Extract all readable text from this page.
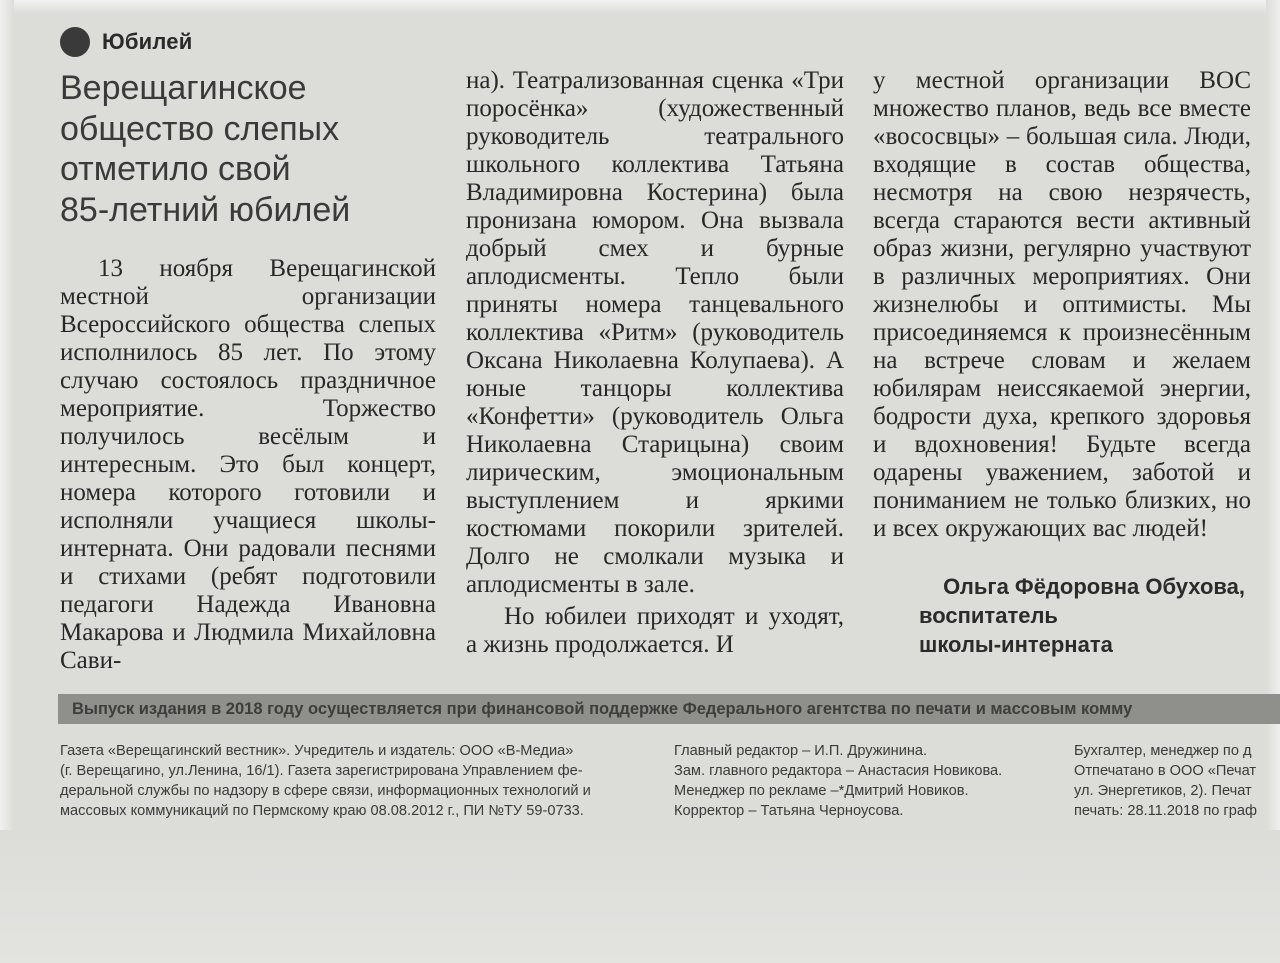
Юбилей
Верещагинское
общество слепых
отметило свой
85-летний юбилей

13 ноября Верещагинской местной организации Всероссийского общества слепых исполнилось 85 лет. По этому случаю состоялось праздничное мероприятие. Торжество получилось весёлым и интересным. Это был концерт, номера которого готовили и исполняли учащиеся школы-интерната. Они радовали песнями и стихами (ребят подготовили педагоги Надежда Ивановна Макарова и Людмила Михайловна Сави-

на). Театрализованная сценка «Три поросёнка» (художественный руководитель театрального школьного коллектива Татьяна Владимировна Костерина) была пронизана юмором. Она вызвала добрый смех и бурные аплодисменты. Тепло были приняты номера танцевального коллектива «Ритм» (руководитель Оксана Николаевна Колупаева). А юные танцоры коллектива «Конфетти» (руководитель Ольга Николаевна Старицына) своим лирическим, эмоциональным выступлением и яркими костюмами покорили зрителей. Долго не смолкали музыка и аплодисменты в зале.

Но юбилеи приходят и уходят, а жизнь продолжается. И

у местной организации ВОС множество планов, ведь все вместе «вососвцы» – большая сила. Люди, входящие в состав общества, несмотря на свою незрячесть, всегда стараются вести активный образ жизни, регулярно участвуют в различных мероприятиях. Они жизнелюбы и оптимисты. Мы присоединяемся к произнесённым на встрече словам и желаем юбилярам неиссякаемой энергии, бодрости духа, крепкого здоровья и вдохновения! Будьте всегда одарены уважением, заботой и пониманием не только близких, но и всех окружающих вас людей!

Ольга Фёдоровна Обухова,
воспитатель
школы-интерната
Выпуск издания в 2018 году осуществляется при финансовой поддержке Федерального агентства по печати и массовым комму
Газета «Верещагинский вестник». Учредитель и издатель: ООО «В-Медиа»
(г. Верещагино, ул.Ленина, 16/1). Газета зарегистрирована Управлением фе-
деральной службы по надзору в сфере связи, информационных технологий и
массовых коммуникаций по Пермскому краю 08.08.2012 г., ПИ №ТУ 59-0733.
Главный редактор – И.П. Дружинина.
Зам. главного редактора – Анастасия Новикова.
Менеджер по рекламе –*Дмитрий Новиков.
Корректор – Татьяна Черноусова.
Бухгалтер, менеджер по д
Отпечатано в ООО «Печат
ул. Энергетиков, 2). Печат
печать: 28.11.2018 по граф
